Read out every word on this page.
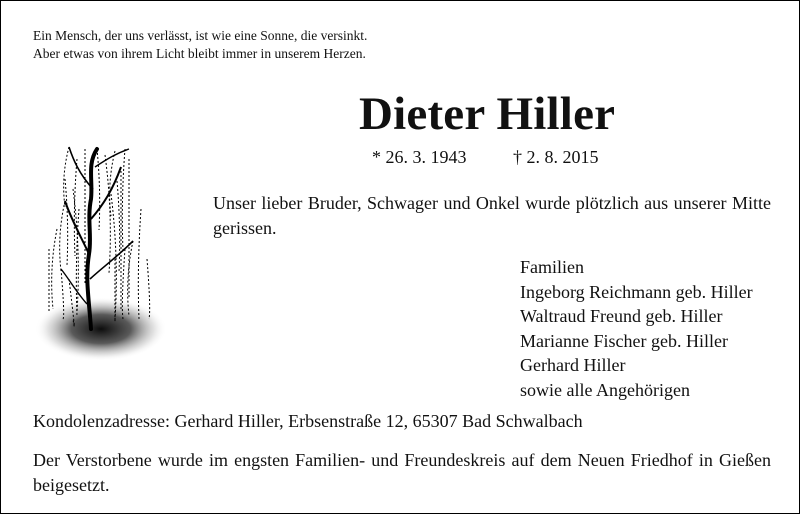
Ein Mensch, der uns verlässt, ist wie eine Sonne, die versinkt.
Aber etwas von ihrem Licht bleibt immer in unserem Herzen.
Dieter Hiller
* 26. 3. 1943	† 2. 8. 2015
Unser lieber Bruder, Schwager und Onkel wurde plötzlich aus unserer Mitte gerissen.
Familien
Ingeborg Reichmann geb. Hiller
Waltraud Freund geb. Hiller
Marianne Fischer geb. Hiller
Gerhard Hiller
sowie alle Angehörigen
Kondolenzadresse: Gerhard Hiller, Erbsenstraße 12, 65307 Bad Schwalbach
Der Verstorbene wurde im engsten Familien- und Freundeskreis auf dem Neuen Friedhof in Gießen beigesetzt.
